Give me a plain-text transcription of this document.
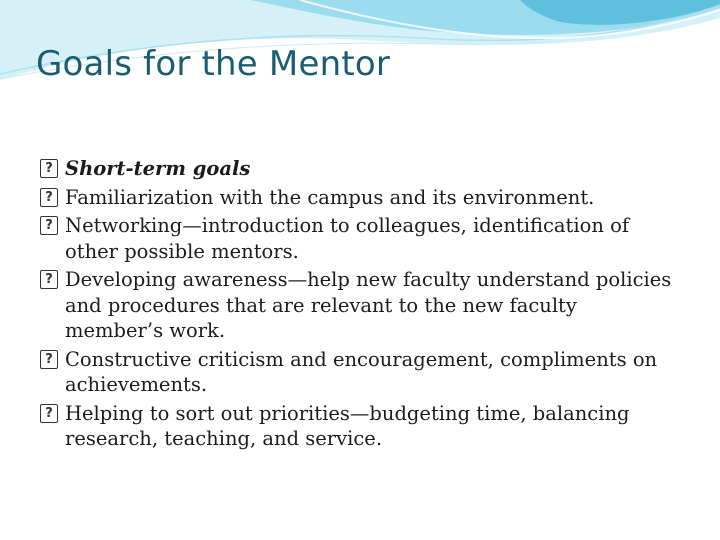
Goals for the Mentor
? Short-term goals
? Familiarization with the campus and its environment.
? Networking—introduction to colleagues, identification of other possible mentors.
? Developing awareness—help new faculty understand policies and procedures that are relevant to the new faculty member’s work.
? Constructive criticism and encouragement, compliments on achievements.
? Helping to sort out priorities—budgeting time, balancing research, teaching, and service.
